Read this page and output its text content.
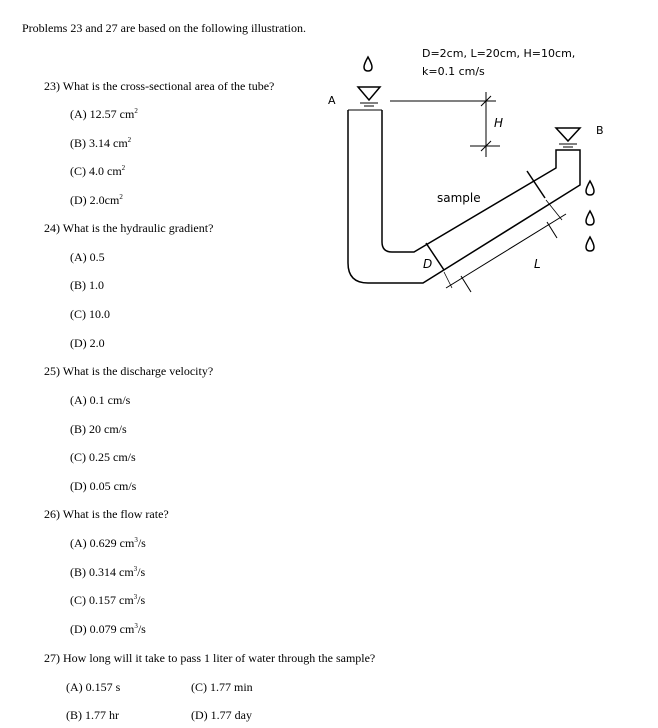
Problems 23 and 27 are based on the following illustration.
23) What is the cross-sectional area of the tube?
(A) 12.57 $cm^2$
(B) 3.14 $cm^2$
(C) 4.0 $cm^2$
(D) $2.0cm^2$
24) What is the hydraulic gradient?
(A) 0.5
(B) 1.0
(C) 10.0
(D) 2.0
25) What is the discharge velocity?
(A) 0.1 cm/s
(B) 20 cm/s
(C) 0.25 cm/s
(D) 0.05 cm/s
26) What is the flow rate?
(A) 0.629 $cm^3/s$
(B) 0.314 $cm^3/s$
(C) 0.157 $cm^3/s$
(D) 0.079 $cm^3/s$
27) How long will it take to pass 1 liter of water through the sample?
(A) 0.157 s	(C) 1.77 min
(B) 1.77 hr	(D) 1.77 day
D=2cm, L=20cm, H=10cm,
k=0.1 cm/s
A
B
H
sample
D	L
